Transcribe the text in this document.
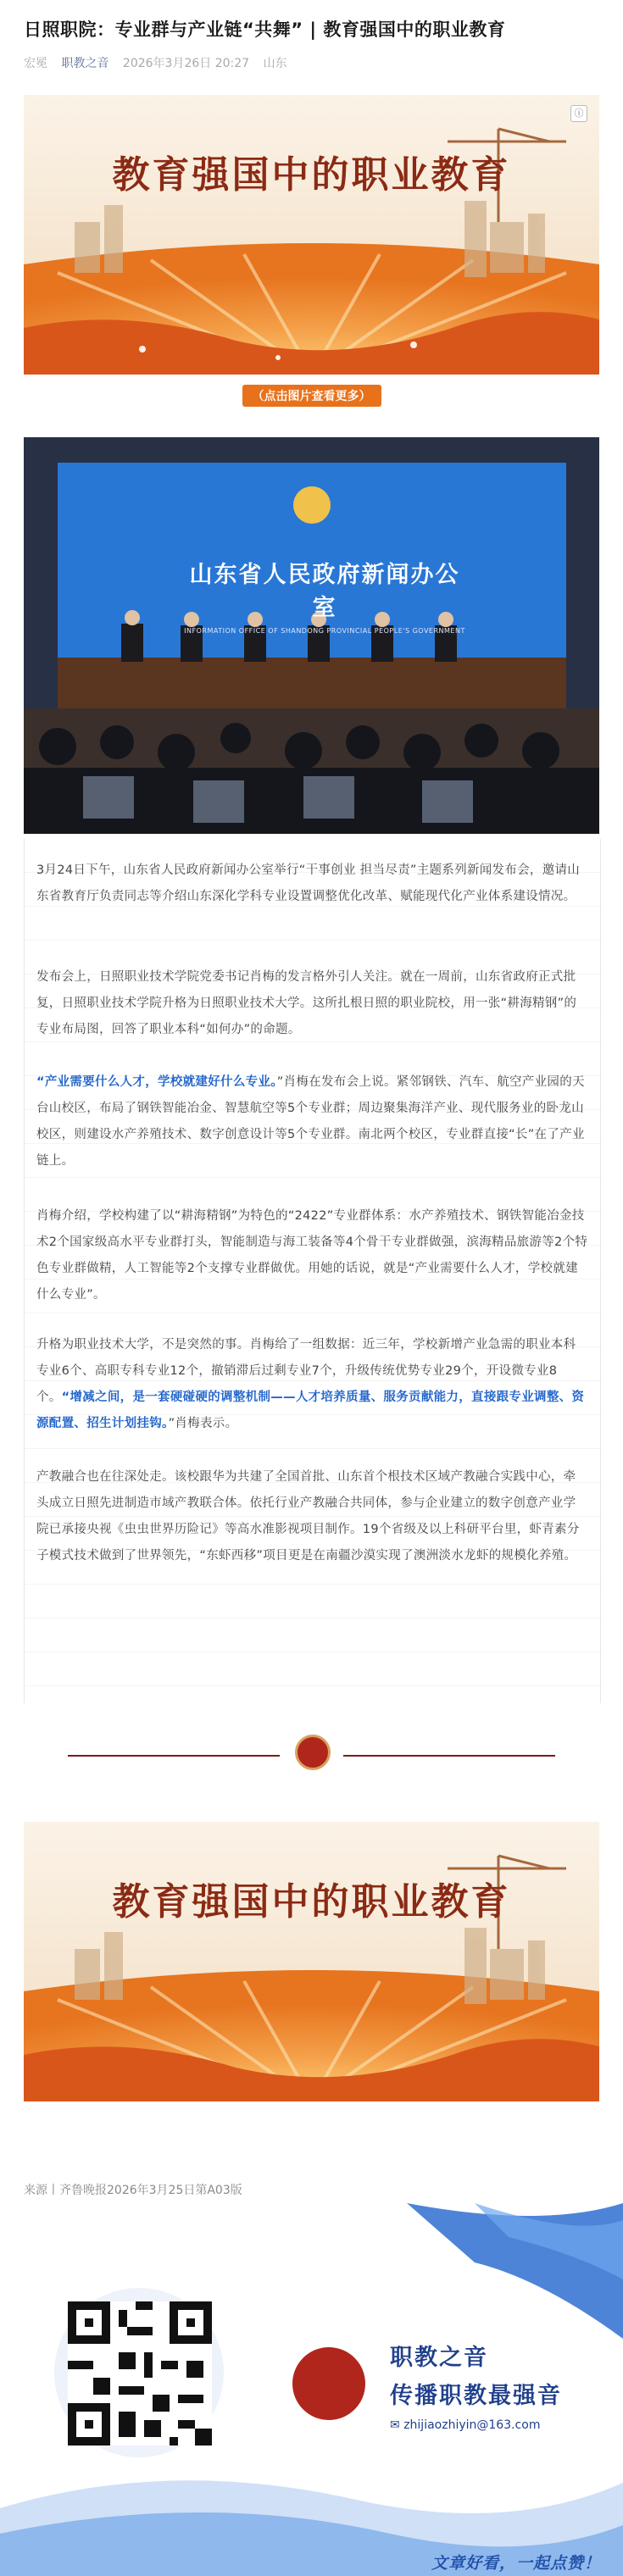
日照职院：专业群与产业链“共舞” | 教育强国中的职业教育
宏冕 职教之音 2026年3月26日 20:27 山东
教育强国中的职业教育
ⓘ
（点击图片查看更多）
山东省人民政府新闻办公室
INFORMATION OFFICE OF SHANDONG PROVINCIAL PEOPLE'S GOVERNMENT
3月24日下午，山东省人民政府新闻办公室举行“干事创业 担当尽责”主题系列新闻发布会，邀请山东省教育厅负责同志等介绍山东深化学科专业设置调整优化改革、赋能现代化产业体系建设情况。
发布会上，日照职业技术学院党委书记肖梅的发言格外引人关注。就在一周前，山东省政府正式批复，日照职业技术学院升格为日照职业技术大学。这所扎根日照的职业院校，用一张“耕海精钢”的专业布局图，回答了职业本科“如何办”的命题。
“产业需要什么人才，学校就建好什么专业。”肖梅在发布会上说。紧邻钢铁、汽车、航空产业园的天台山校区，布局了钢铁智能冶金、智慧航空等5个专业群；周边聚集海洋产业、现代服务业的卧龙山校区，则建设水产养殖技术、数字创意设计等5个专业群。南北两个校区，专业群直接“长”在了产业链上。
肖梅介绍，学校构建了以“耕海精钢”为特色的“2422”专业群体系：水产养殖技术、钢铁智能冶金技术2个国家级高水平专业群打头，智能制造与海工装备等4个骨干专业群做强，滨海精品旅游等2个特色专业群做精，人工智能等2个支撑专业群做优。用她的话说，就是“产业需要什么人才，学校就建什么专业”。
升格为职业技术大学，不是突然的事。肖梅给了一组数据：近三年，学校新增产业急需的职业本科专业6个、高职专科专业12个，撤销滞后过剩专业7个，升级传统优势专业29个，开设微专业8个。“增减之间，是一套硬碰硬的调整机制——人才培养质量、服务贡献能力，直接跟专业调整、资源配置、招生计划挂钩。”肖梅表示。
产教融合也在往深处走。该校跟华为共建了全国首批、山东首个根技术区域产教融合实践中心，牵头成立日照先进制造市域产教联合体。依托行业产教融合共同体，参与企业建立的数字创意产业学院已承接央视《虫虫世界历险记》等高水准影视项目制作。19个省级及以上科研平台里，虾青素分子模式技术做到了世界领先，“东虾西移”项目更是在南疆沙漠实现了澳洲淡水龙虾的规模化养殖。
教育强国中的职业教育
来源丨齐鲁晚报2026年3月25日第A03版
职教之音
传播职教最强音
✉ zhijiaozhiyin@163.com
文章好看，一起点赞！
